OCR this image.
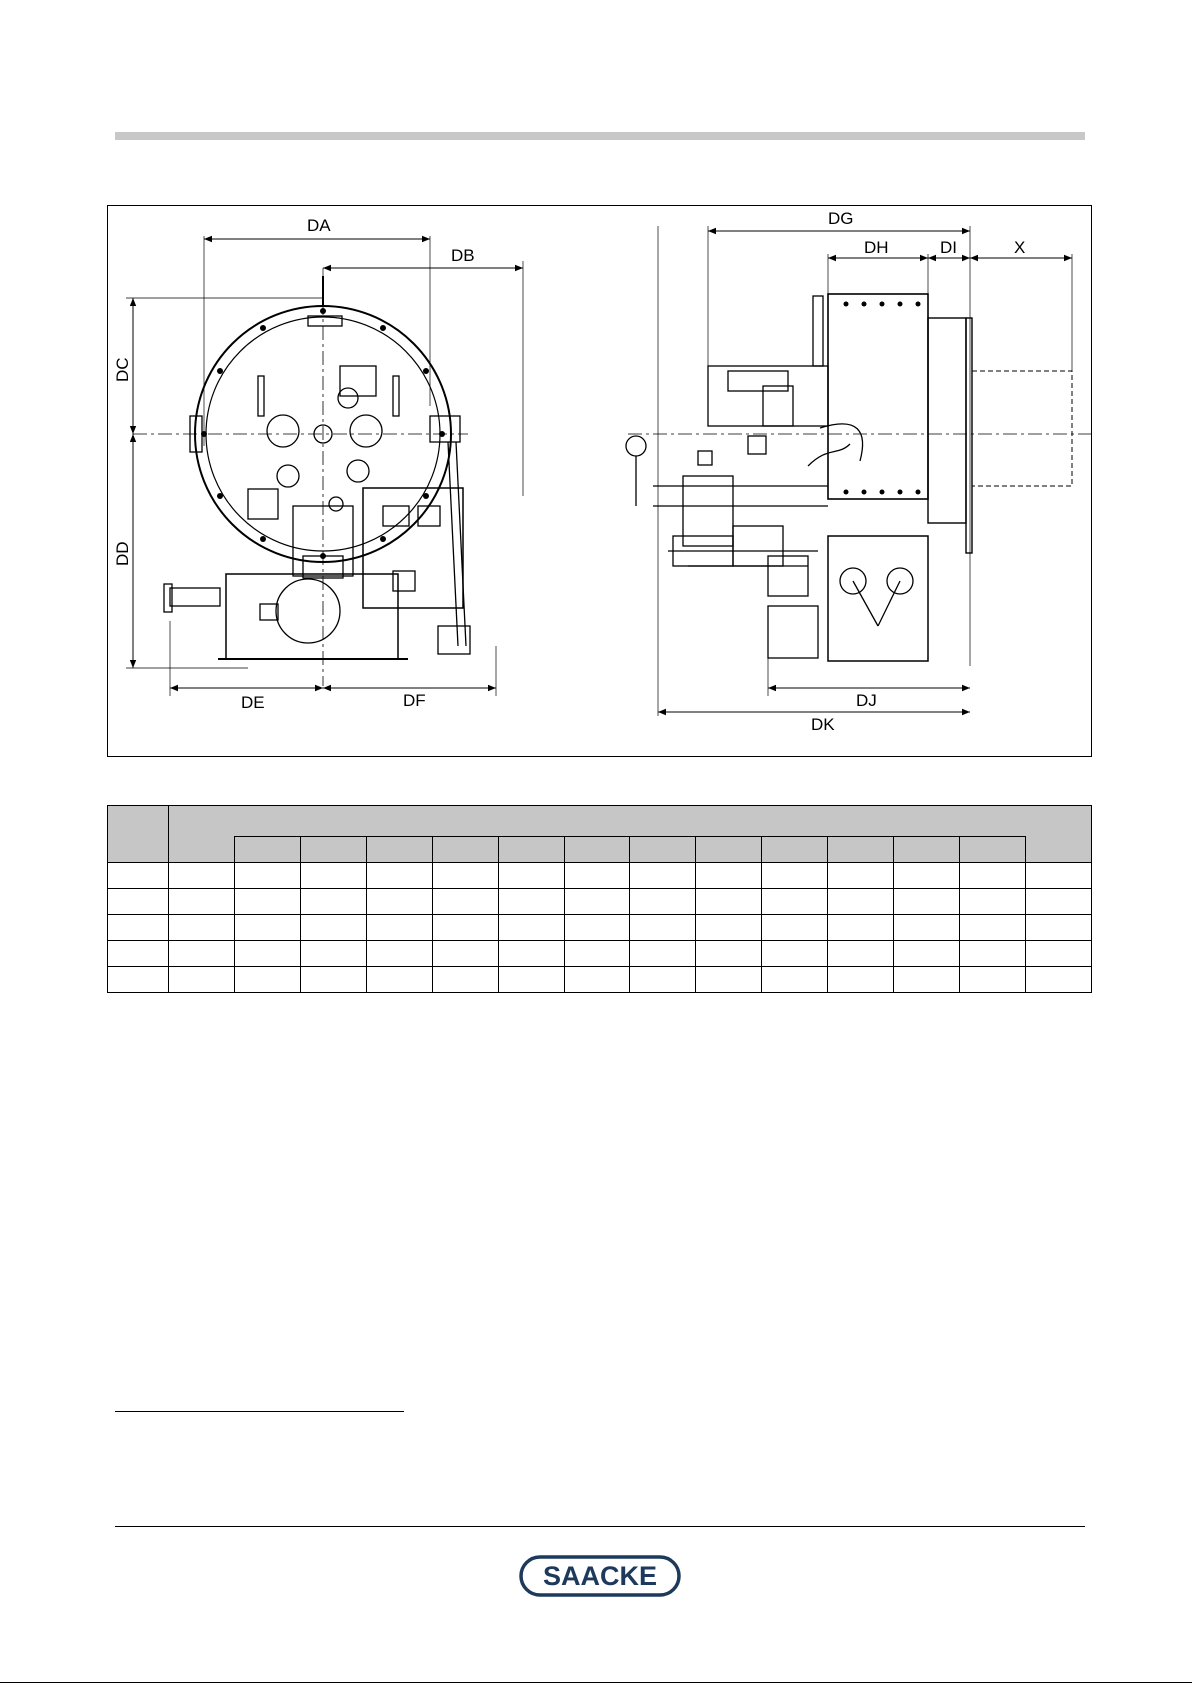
DA
DB
DC
DD
DE	DF
DG
DH	DI	X
DJ
DK

SAACKE
